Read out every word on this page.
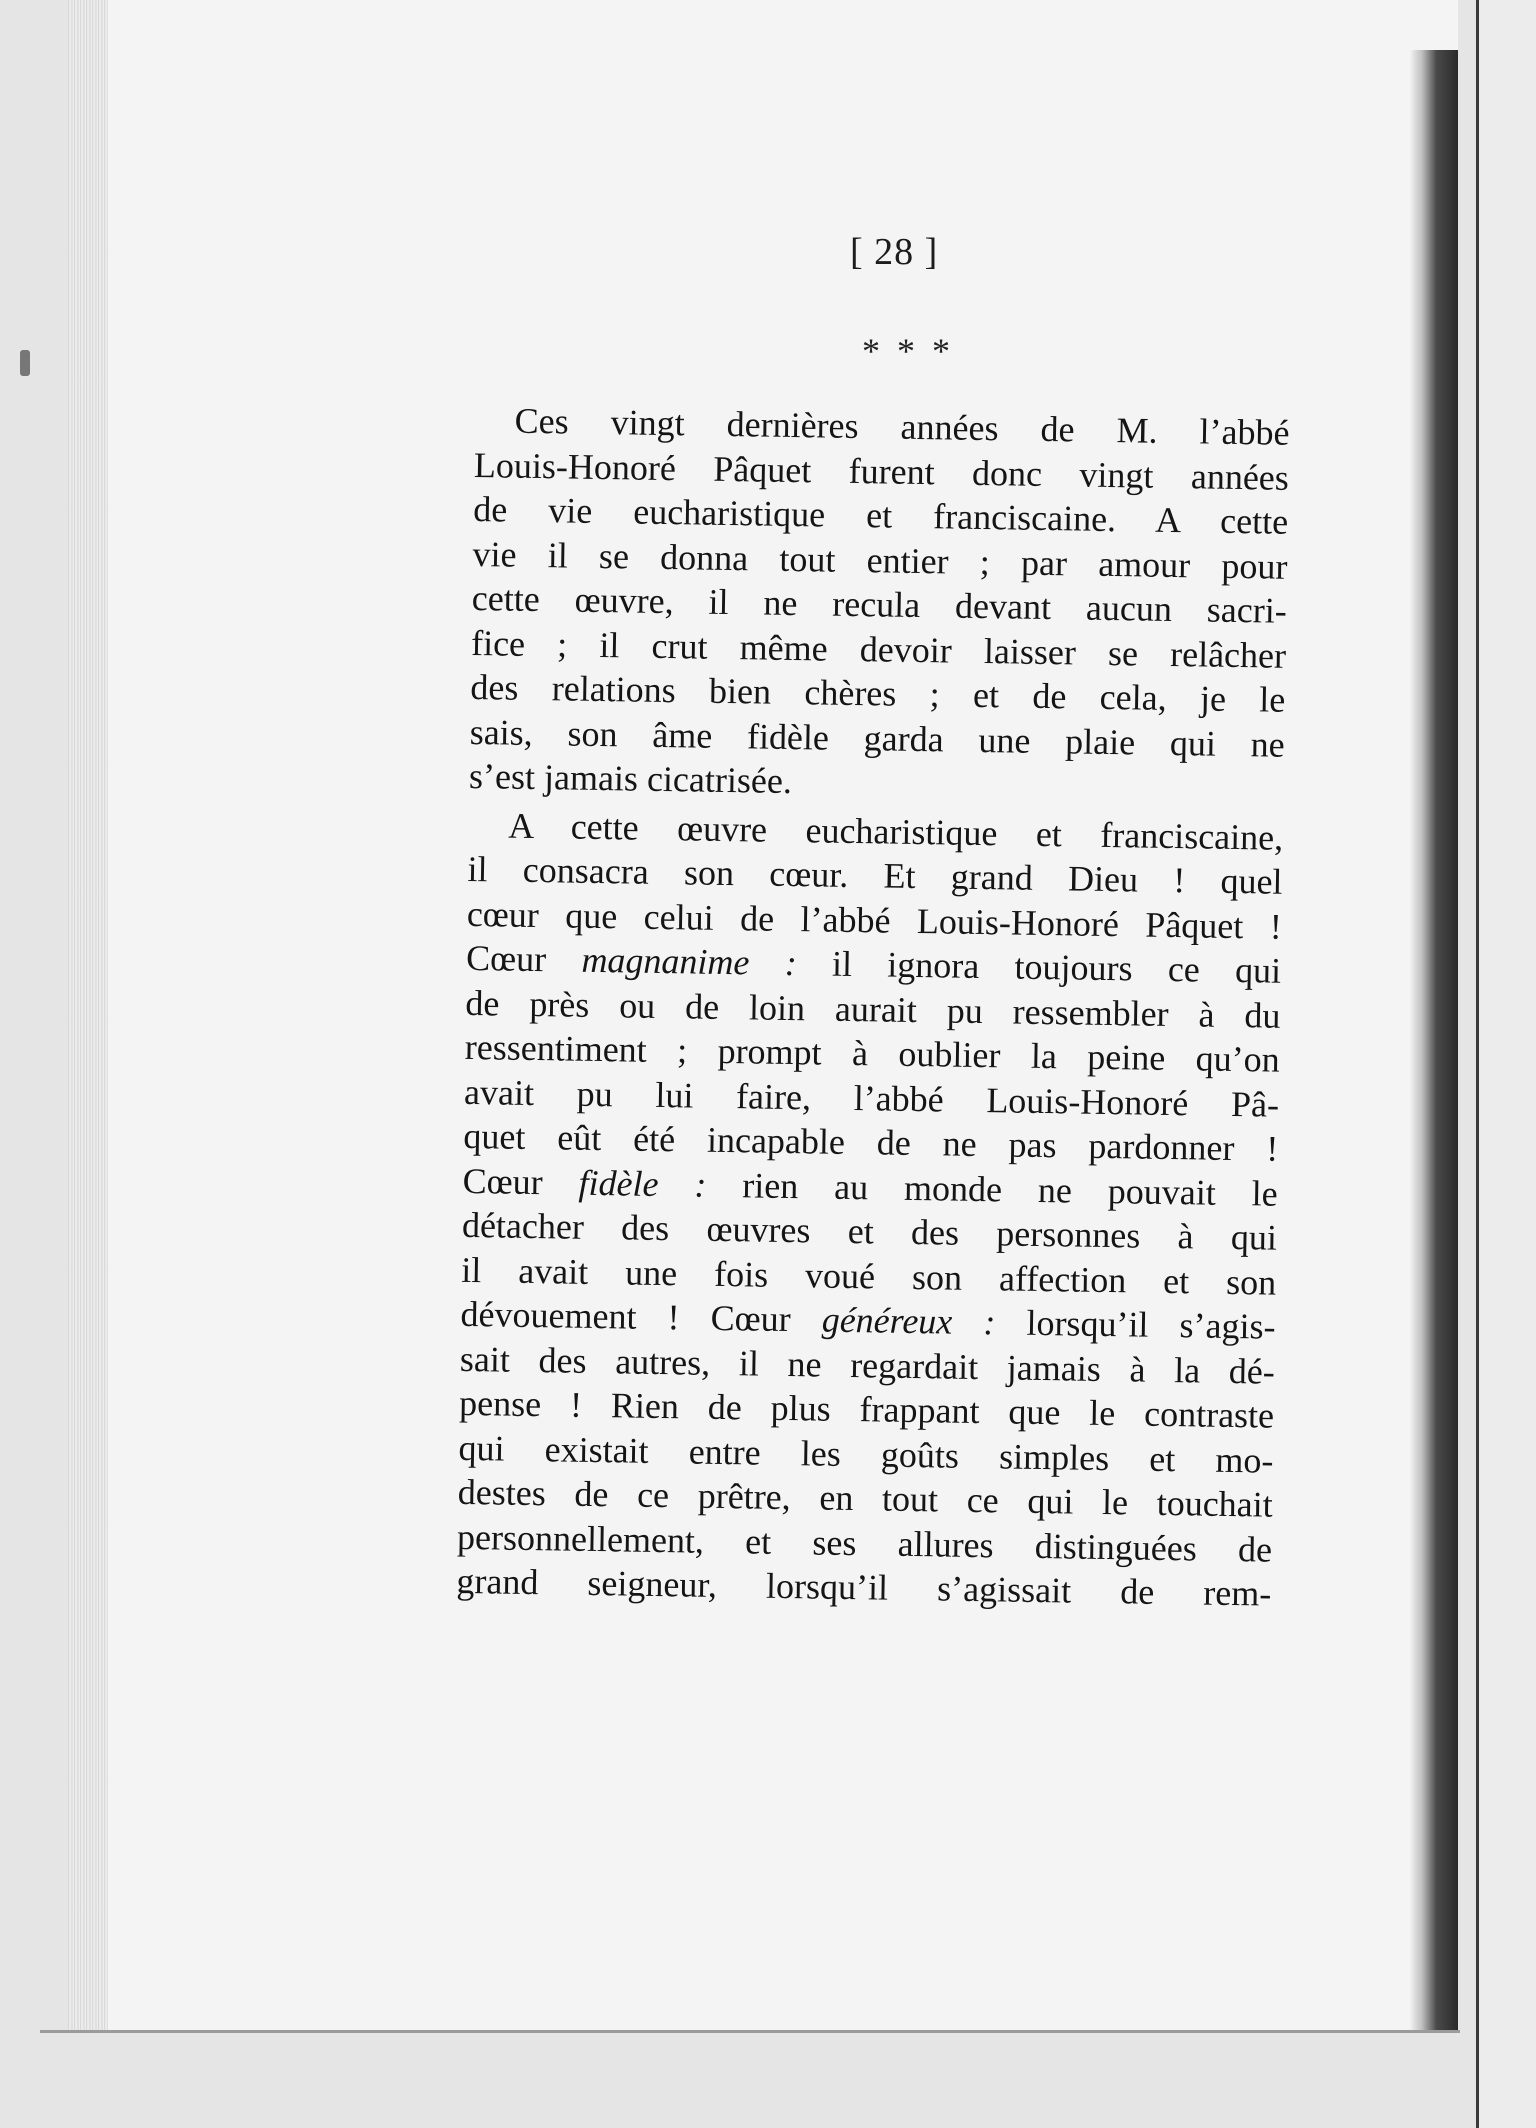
[ 28 ]
* * *
Ces vingt dernières années de M. l’abbé
Louis-Honoré Pâquet furent donc vingt années
de vie eucharistique et franciscaine. A cette
vie il se donna tout entier ; par amour pour
cette œuvre, il ne recula devant aucun sacri-
fice ; il crut même devoir laisser se relâcher
des relations bien chères ; et de cela, je le
sais, son âme fidèle garda une plaie qui ne
s’est jamais cicatrisée.
A cette œuvre eucharistique et franciscaine,
il consacra son cœur. Et grand Dieu ! quel
cœur que celui de l’abbé Louis-Honoré Pâquet !
Cœur magnanime : il ignora toujours ce qui
de près ou de loin aurait pu ressembler à du
ressentiment ; prompt à oublier la peine qu’on
avait pu lui faire, l’abbé Louis-Honoré Pâ-
quet eût été incapable de ne pas pardonner !
Cœur fidèle : rien au monde ne pouvait le
détacher des œuvres et des personnes à qui
il avait une fois voué son affection et son
dévouement ! Cœur généreux : lorsqu’il s’agis-
sait des autres, il ne regardait jamais à la dé-
pense ! Rien de plus frappant que le contraste
qui existait entre les goûts simples et mo-
destes de ce prêtre, en tout ce qui le touchait
personnellement, et ses allures distinguées de
grand seigneur, lorsqu’il s’agissait de rem-
